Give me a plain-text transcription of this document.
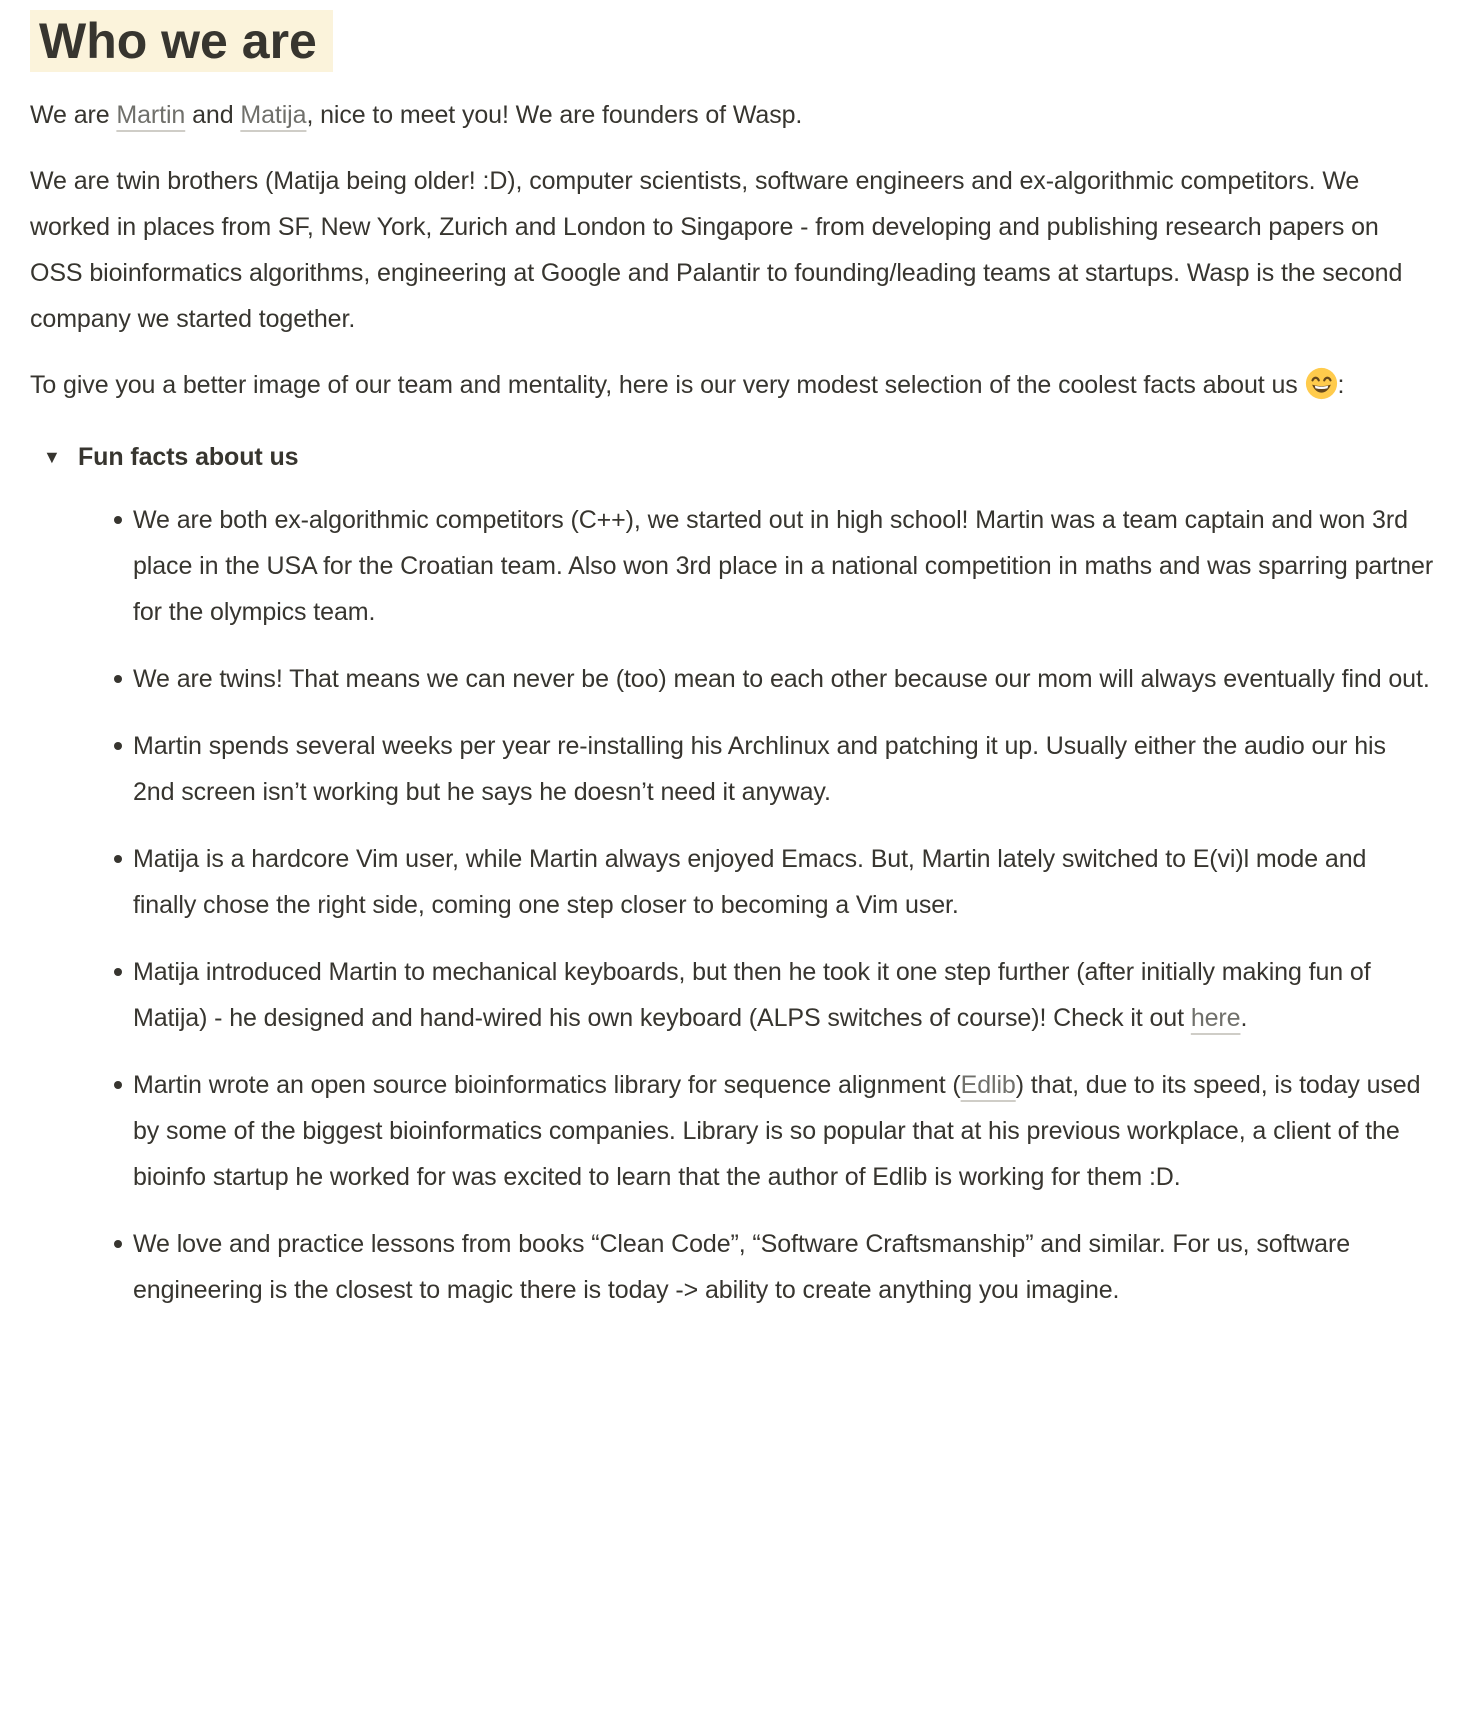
Who we are

We are Martin and Matija, nice to meet you! We are founders of Wasp.

We are twin brothers (Matija being older! :D), computer scientists, software engineers and ex-algorithmic competitors. We worked in places from SF, New York, Zurich and London to Singapore - from developing and publishing research papers on OSS bioinformatics algorithms, engineering at Google and Palantir to founding/leading teams at startups. Wasp is the second company we started together.

To give you a better image of our team and mentality, here is our very modest selection of the coolest facts about us
:

▼ Fun facts about us
We are both ex-algorithmic competitors (C++), we started out in high school! Martin was a team captain and won 3rd place in the USA for the Croatian team. Also won 3rd place in a national competition in maths and was sparring partner for the olympics team.
We are twins! That means we can never be (too) mean to each other because our mom will always eventually find out.
Martin spends several weeks per year re-installing his Archlinux and patching it up. Usually either the audio our his 2nd screen isn’t working but he says he doesn’t need it anyway.
Matija is a hardcore Vim user, while Martin always enjoyed Emacs. But, Martin lately switched to E(vi)l mode and finally chose the right side, coming one step closer to becoming a Vim user.
Matija introduced Martin to mechanical keyboards, but then he took it one step further (after initially making fun of Matija) - he designed and hand-wired his own keyboard (ALPS switches of course)! Check it out here.
Martin wrote an open source bioinformatics library for sequence alignment (Edlib) that, due to its speed, is today used by some of the biggest bioinformatics companies. Library is so popular that at his previous workplace, a client of the bioinfo startup he worked for was excited to learn that the author of Edlib is working for them :D.
We love and practice lessons from books “Clean Code”, “Software Craftsmanship” and similar. For us, software engineering is the closest to magic there is today -> ability to create anything you imagine.
